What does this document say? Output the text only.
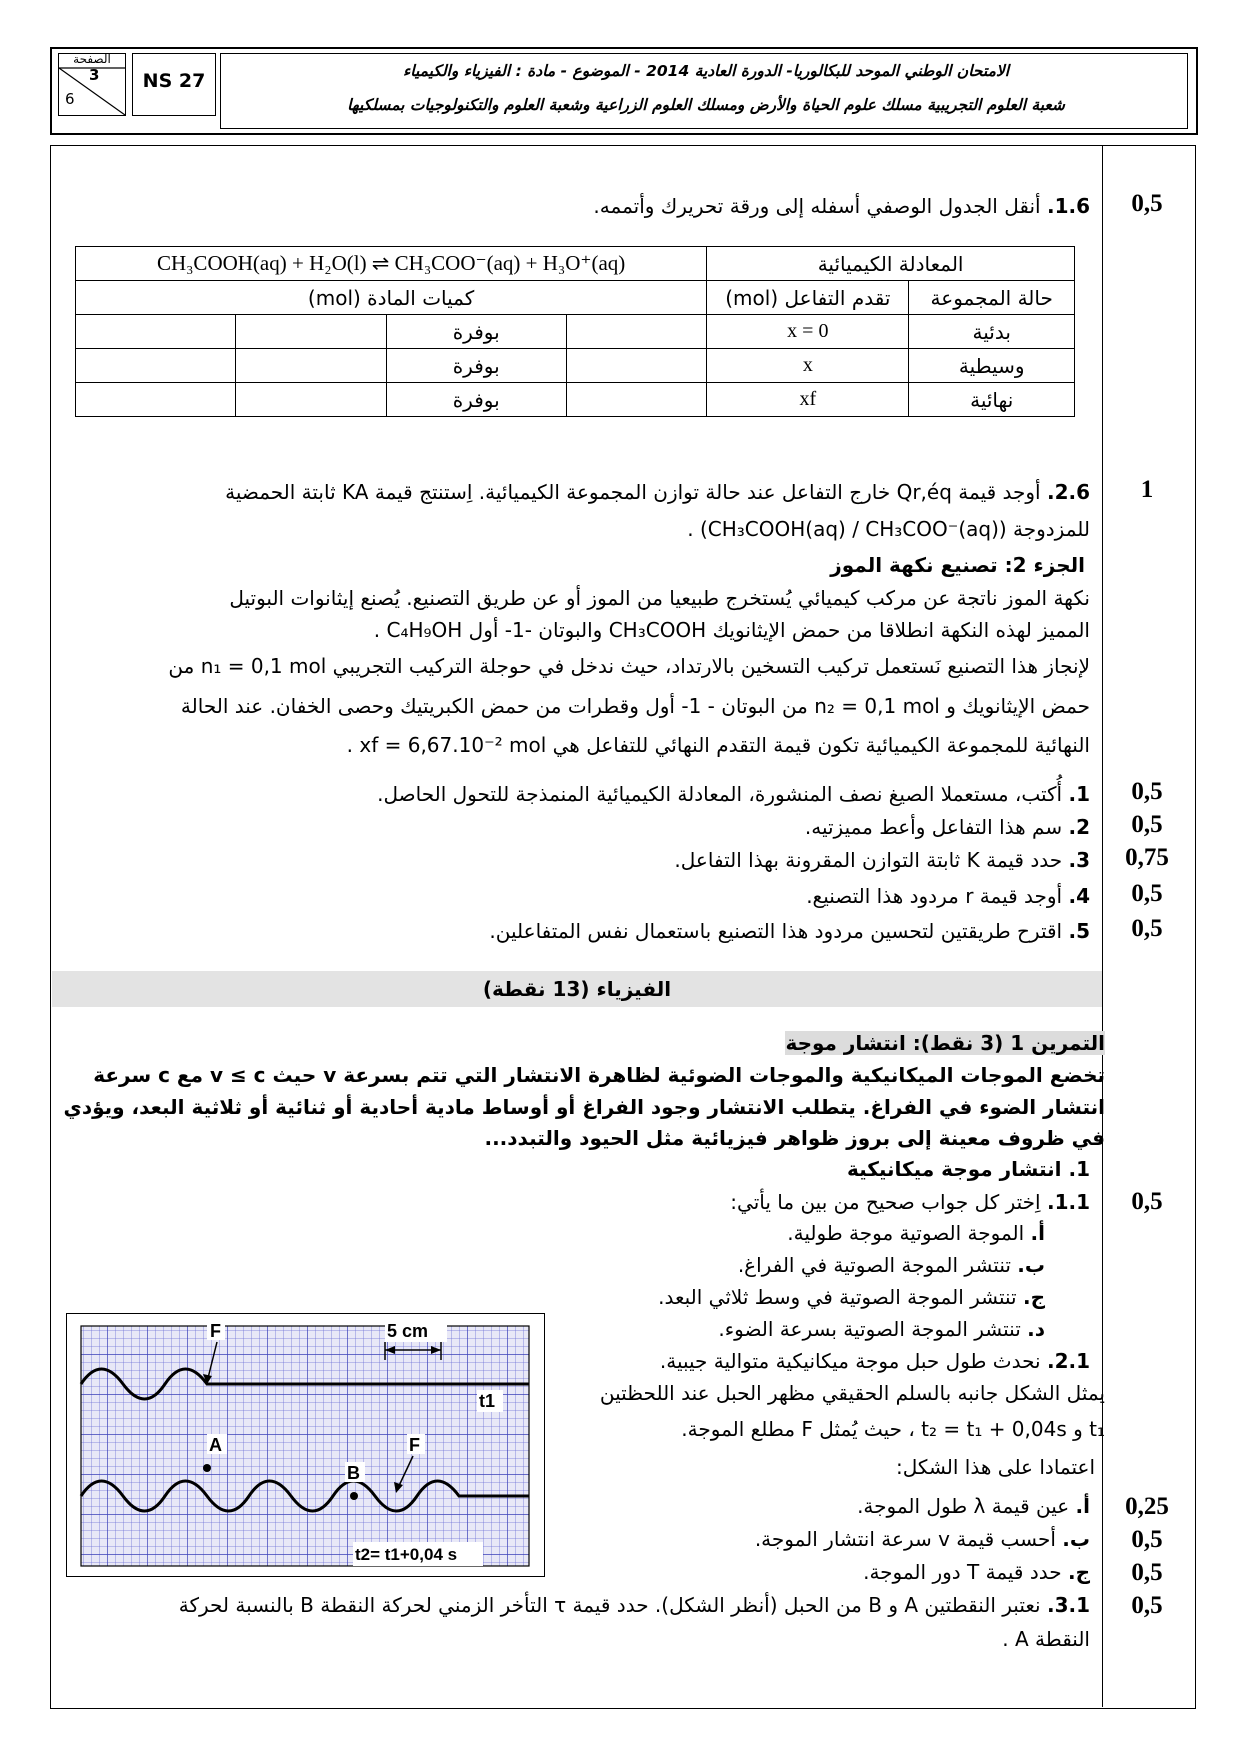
الصفحة
3
6
NS 27	الامتحان الوطني الموحد للبكالوريا- الدورة العادية 2014 - الموضوع - مادة : الفيزياء والكيمياء
شعبة العلوم التجريبية مسلك علوم الحياة والأرض ومسلك العلوم الزراعية وشعبة العلوم والتكنولوجيات بمسلكيها
0,5
1.6. أنقل الجدول الوصفي أسفله إلى ورقة تحريرك وأتممه.
CH₃COOH(aq) + H₂O(l) ⇌ CH₃COO⁻(aq) + H₃O⁺(aq)				المعادلة الكيميائية	
كميات المادة (mol)				تقدم التفاعل (mol)	حالة المجموعة
		بوفرة		x = 0	بدئية
		بوفرة		x	وسيطية
		بوفرة		xf	نهائية
1
2.6. أوجد قيمة Qr,éq خارج التفاعل عند حالة توازن المجموعة الكيميائية. اِستنتج قيمة KA ثابتة الحمضية
للمزدوجة (CH₃COOH(aq) / CH₃COO⁻(aq)) .
الجزء 2: تصنيع نكهة الموز
نكهة الموز ناتجة عن مركب كيميائي يُستخرج طبيعيا من الموز أو عن طريق التصنيع. يُصنع إيثانوات البوتيل
المميز لهذه النكهة انطلاقا من حمض الإيثانويك CH₃COOH والبوتان -1- أول C₄H₉OH .
لإنجاز هذا التصنيع نَستعمل تركيب التسخين بالارتداد، حيث ندخل في حوجلة التركيب التجريبي n₁ = 0,1 mol من
حمض الإيثانويك و n₂ = 0,1 mol من البوتان - 1- أول وقطرات من حمض الكبريتيك وحصى الخفان. عند الحالة
النهائية للمجموعة الكيميائية تكون قيمة التقدم النهائي للتفاعل هي xf = 6,67.10⁻² mol .
0,5
1. أُكتب، مستعملا الصيغ نصف المنشورة، المعادلة الكيميائية المنمذجة للتحول الحاصل.
0,5
2. سم هذا التفاعل وأعط مميزتيه.
0,75
3. حدد قيمة K ثابتة التوازن المقرونة بهذا التفاعل.
0,5
4. أوجد قيمة r مردود هذا التصنيع.
0,5
5. اقترح طريقتين لتحسين مردود هذا التصنيع باستعمال نفس المتفاعلين.
الفيزياء (13 نقطة)
التمرين 1 (3 نقط): انتشار موجة
تخضع الموجات الميكانيكية والموجات الضوئية لظاهرة الانتشار التي تتم بسرعة v حيث v ≤ c مع c سرعة
انتشار الضوء في الفراغ. يتطلب الانتشار وجود الفراغ أو أوساط مادية أحادية أو ثنائية أو ثلاثية البعد، ويؤدي
في ظروف معينة إلى بروز ظواهر فيزيائية مثل الحيود والتبدد...
1. انتشار موجة ميكانيكية
0,5
1.1. اِختر كل جواب صحيح من بين ما يأتي:
أ. الموجة الصوتية موجة طولية.
ب. تنتشر الموجة الصوتية في الفراغ.
ج. تنتشر الموجة الصوتية في وسط ثلاثي البعد.
د. تنتشر الموجة الصوتية بسرعة الضوء.
2.1. نحدث طول حبل موجة ميكانيكية متوالية جيبية.
يمثل الشكل جانبه بالسلم الحقيقي مظهر الحبل عند اللحظتين
t₁ و t₂ = t₁ + 0,04s ، حيث يُمثل F مطلع الموجة.
اعتمادا على هذا الشكل:
0,25
أ. عين قيمة λ طول الموجة.
0,5
ب. أحسب قيمة v سرعة انتشار الموجة.
0,5
ج. حدد قيمة T دور الموجة.
0,5
3.1. نعتبر النقطتين A و B من الحبل (أنظر الشكل). حدد قيمة τ التأخر الزمني لحركة النقطة B بالنسبة لحركة
النقطة A .
F	5 cm
t1
A
B
F
t2= t1+0,04 s
